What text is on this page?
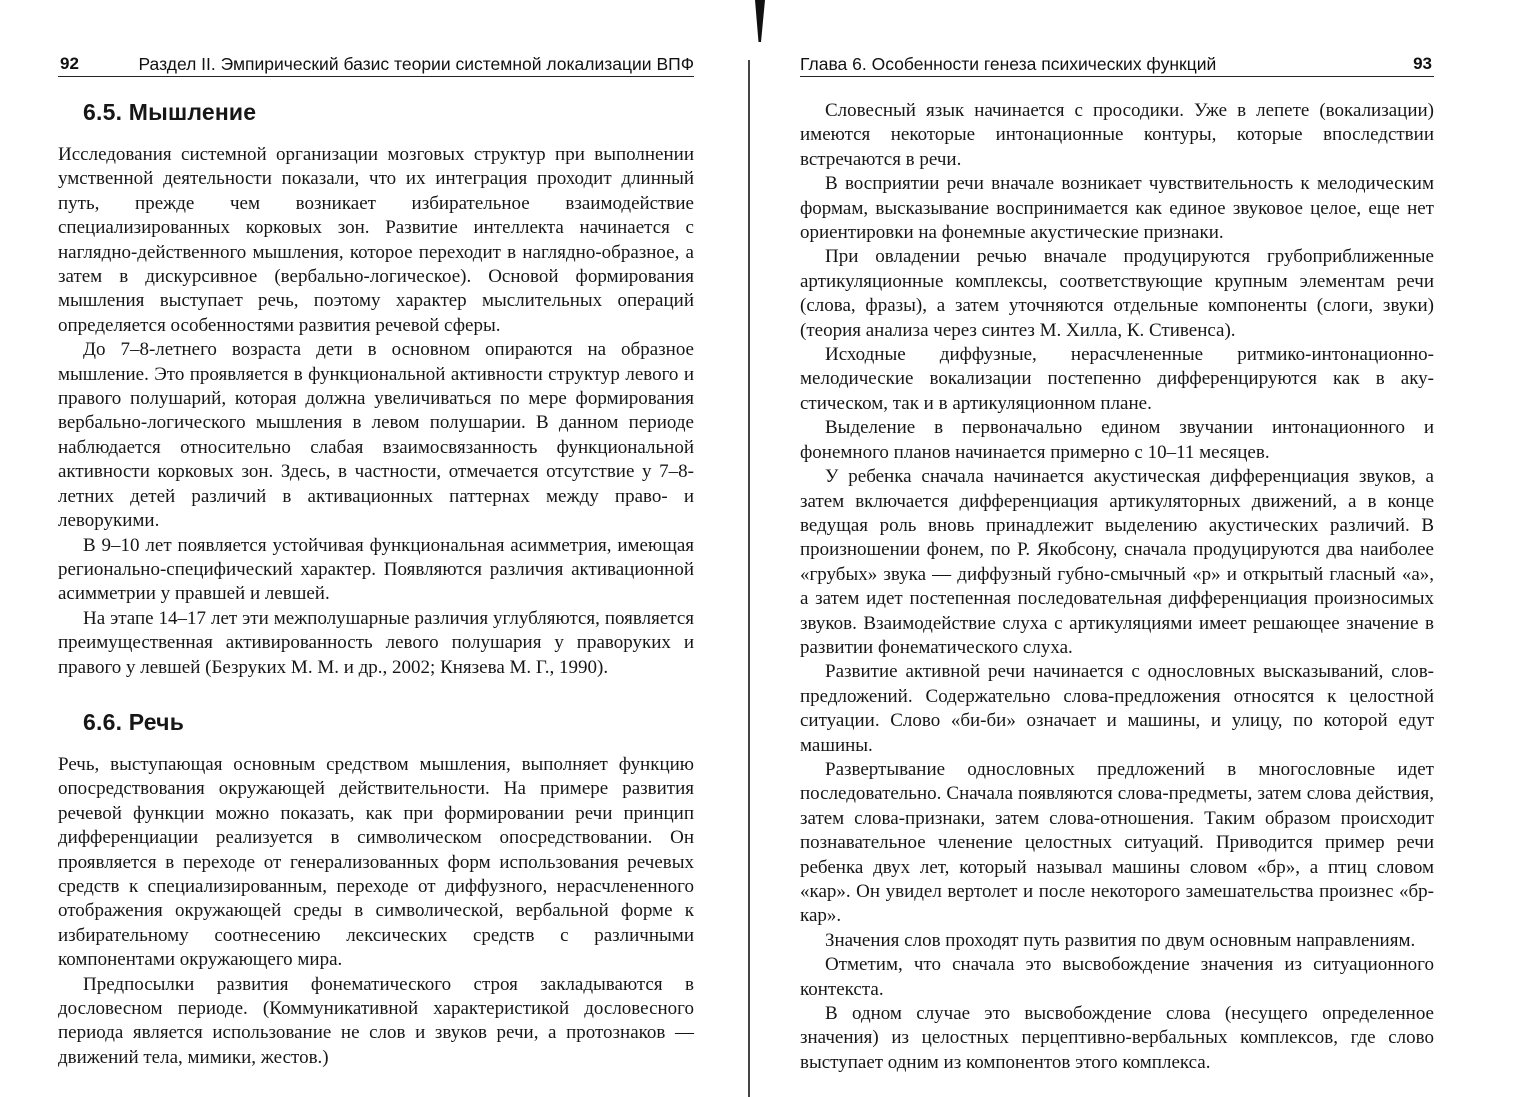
92	Раздел II. Эмпирический базис теории системной локализации ВПФ
6.5. Мышление

Исследования системной организации мозговых структур при выполнении умственной деятельности показали, что их интеграция проходит длинный путь, прежде чем возникает избирательное взаимодействие специализированных корковых зон. Развитие интеллекта начинается с наглядно-действенного мышления, которое переходит в наглядно-образное, а затем в дискурсивное (вербально-логическое). Основой формирования мышления выступает речь, поэтому характер мыслительных операций определяется особенностями развития речевой сферы.

До 7–8-летнего возраста дети в основном опираются на образное мышление. Это проявляется в функциональной активности структур левого и правого полушарий, которая должна увеличиваться по мере формирования вербально-логического мышления в левом полушарии. В данном периоде наблюдается относительно слабая взаимосвязанность функциональной активности корковых зон. Здесь, в частности, отмечается отсутствие у 7–8-летних детей различий в активационных паттернах между право- и леворукими.

В 9–10 лет появляется устойчивая функциональная асимметрия, имеющая регионально-специфический характер. Появляются различия активационной асимметрии у правшей и левшей.

На этапе 14–17 лет эти межполушарные различия углубляются, появляется преимущественная активированность левого полушария у праворуких и правого у левшей (Безруких М. М. и др., 2002; Князева М. Г., 1990).

6.6. Речь

Речь, выступающая основным средством мышления, выполняет функцию опосредствования окружающей действительности. На примере развития речевой функции можно показать, как при формировании речи принцип дифференциации реализуется в символическом опосредствовании. Он проявляется в переходе от генерализованных форм использования речевых средств к специализированным, переходе от диффузного, нерасчлененного отображения окружающей среды в символической, вербальной форме к избирательному соотнесению лексических средств с различными компонентами окружающего мира.

Предпосылки развития фонематического строя закладываются в дословесном периоде. (Коммуникативной характеристикой дословесного периода является использование не слов и звуков речи, а протознаков — движений тела, мимики, жестов.)

Глава 6. Особенности генеза психических функций	93

Словесный язык начинается с просодики. Уже в лепете (вокализации) имеются некоторые интонационные контуры, которые впоследствии встречаются в речи.

В восприятии речи вначале возникает чувствительность к мелодическим формам, высказывание воспринимается как единое звуковое целое, еще нет ориентировки на фонемные акустические признаки.

При овладении речью вначале продуцируются грубоприближенные артикуляционные комплексы, соответствующие крупным элементам речи (слова, фразы), а затем уточняются отдельные компоненты (слоги, звуки) (теория анализа через синтез М. Хилла, К. Стивенса).

Исходные диффузные, нерасчлененные ритмико-интонационно-мелодические вокализации постепенно дифференцируются как в акустическом, так и в артикуляционном плане.

Выделение в первоначально едином звучании интонационного и фонемного планов начинается примерно с 10–11 месяцев.

У ребенка сначала начинается акустическая дифференциация звуков, а затем включается дифференциация артикуляторных движений, а в конце ведущая роль вновь принадлежит выделению акустических различий. В произношении фонем, по Р. Якобсону, сначала продуцируются два наиболее «грубых» звука — диффузный губно-смычный «р» и открытый гласный «а», а затем идет постепенная последовательная дифференциация произносимых звуков. Взаимодействие слуха с артикуляциями имеет решающее значение в развитии фонематического слуха.

Развитие активной речи начинается с однословных высказываний, слов-предложений. Содержательно слова-предложения относятся к целостной ситуации. Слово «би-би» означает и машины, и улицу, по которой едут машины.

Развертывание однословных предложений в многословные идет последовательно. Сначала появляются слова-предметы, затем слова действия, затем слова-признаки, затем слова-отношения. Таким образом происходит познавательное членение целостных ситуаций. Приводится пример речи ребенка двух лет, который называл машины словом «бр», а птиц словом «кар». Он увидел вертолет и после некоторого замешательства произнес «бр-кар».

Значения слов проходят путь развития по двум основным направлениям.

Отметим, что сначала это высвобождение значения из ситуационного контекста.

В одном случае это высвобождение слова (несущего определенное значения) из целостных перцептивно-вербальных комплексов, где слово выступает одним из компонентов этого комплекса.
